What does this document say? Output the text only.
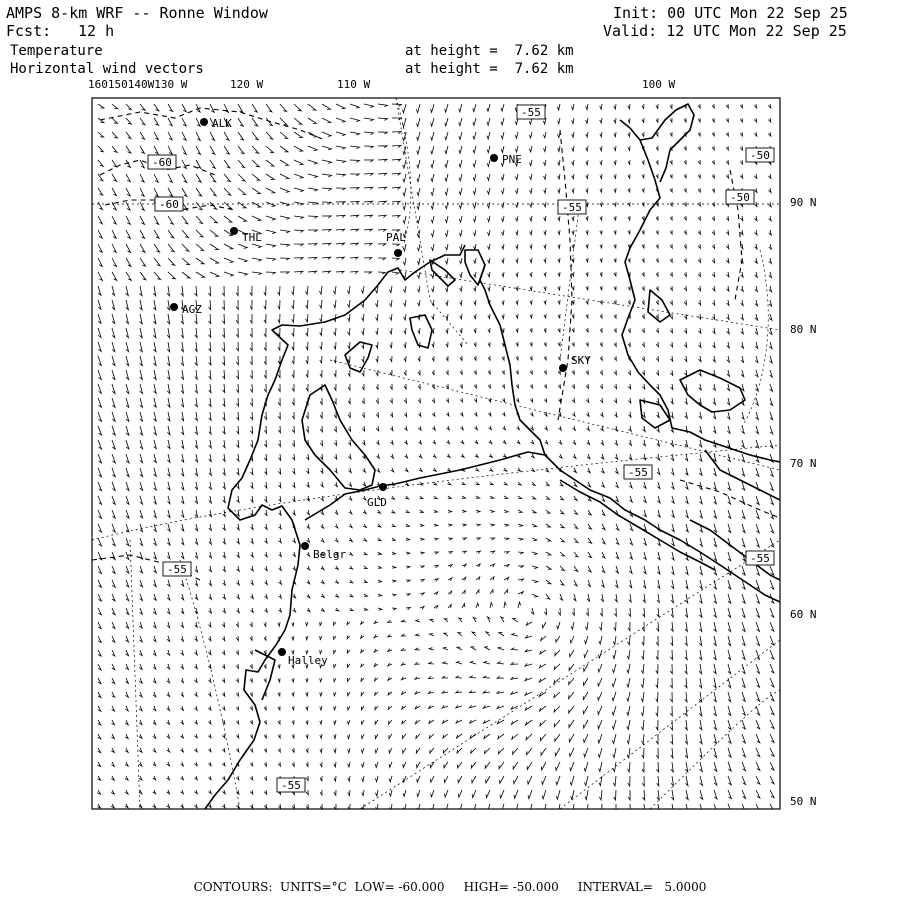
AMPS 8-km WRF -- Ronne Window
Fcst: 12 h
Temperature
Horizontal wind vectors
at height =  7.62 km
at height =  7.62 km
Init: 00 UTC Mon 22 Sep 25
Valid: 12 UTC Mon 22 Sep 25
160150140W130 W	120 W	110 W	100 W
90 N
80 N
70 N
60 N
50 N
-55
-60
-60
-50
-50
-55
-55
-55
-55
-55
ALK
PNE
THL	PAL
AGZ
SKY
GLD
Belgr
Halley
CONTOURS:  UNITS=°C  LOW= -60.000     HIGH= -50.000     INTERVAL=   5.0000
